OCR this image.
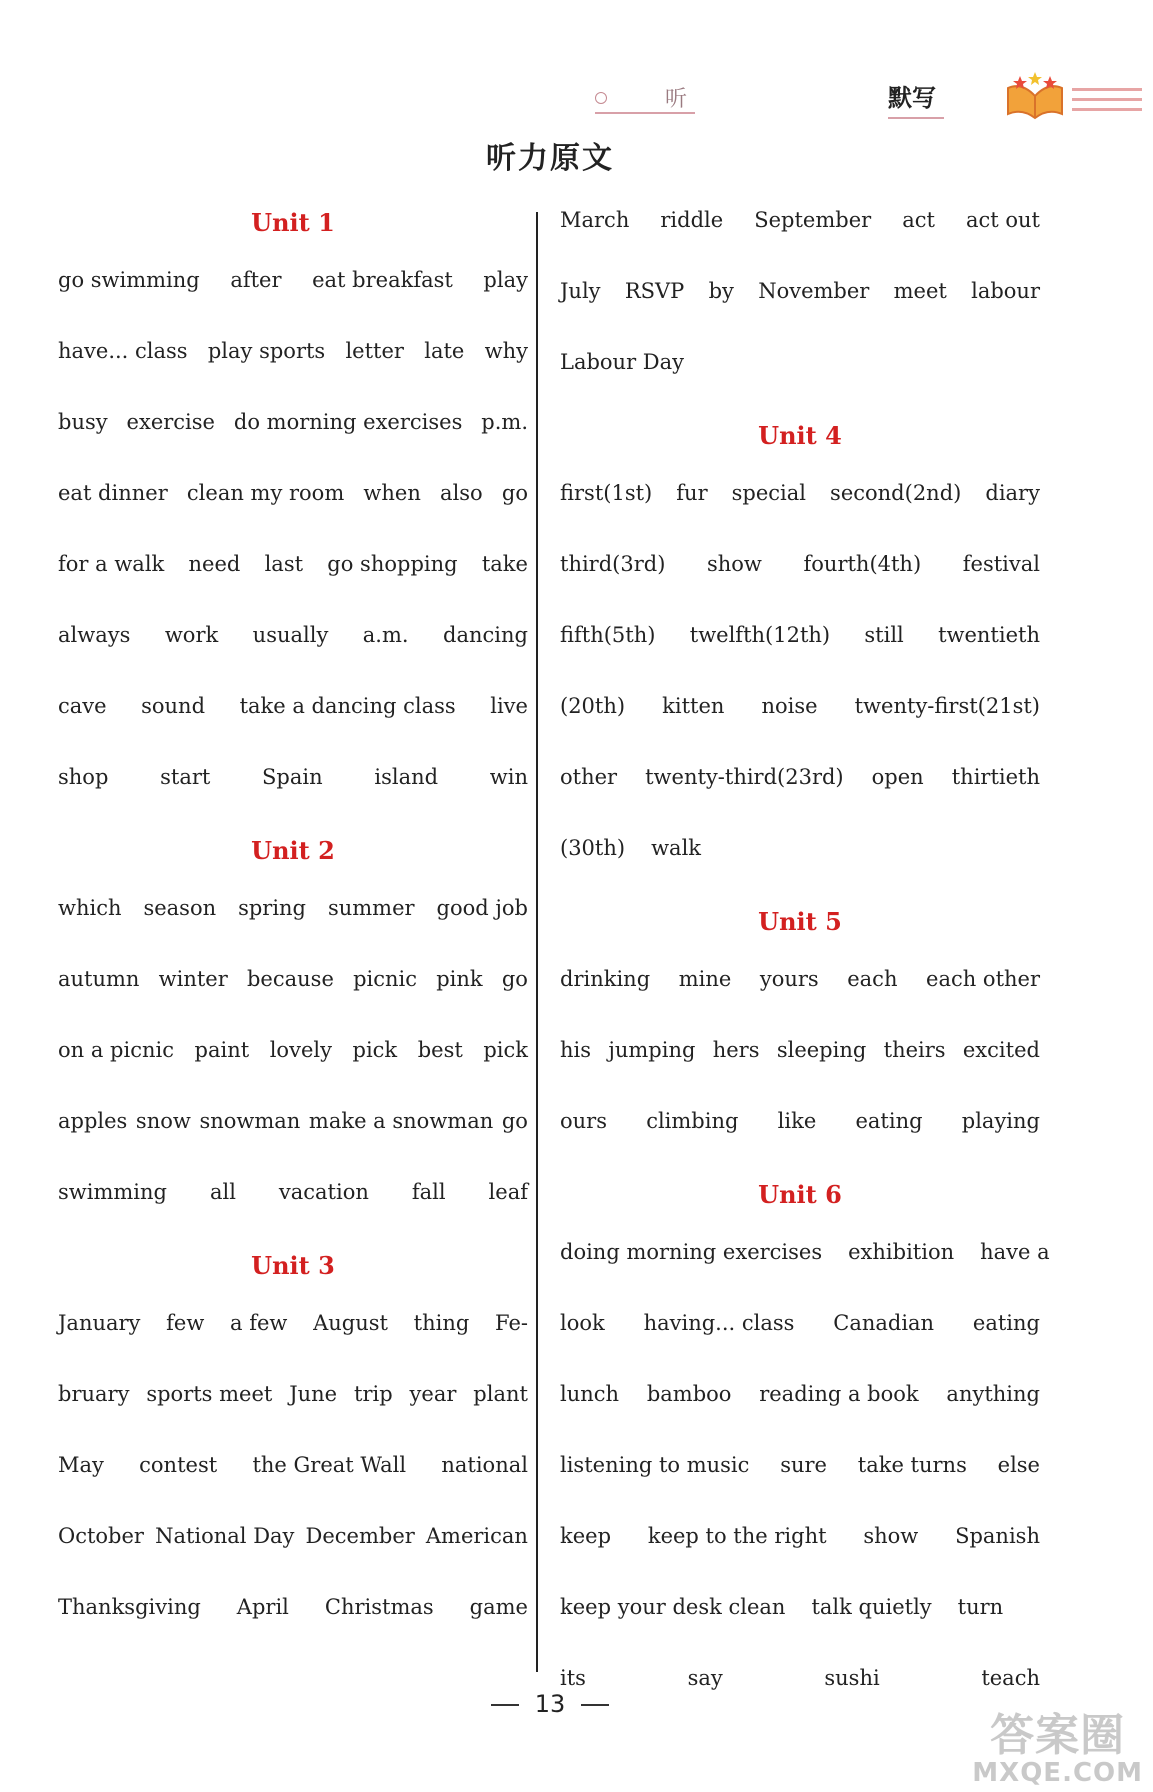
听	默写
听力原文
Unit 1
go swimming after eat breakfast play
have... class play sports letter late why
busy exercise do morning exercises p.m.
eat dinner clean my room when also go
for a walk need last go shopping take
always work usually a.m. dancing
cave sound take a dancing class live
shop start Spain island win
Unit 2
which season spring summer good job
autumn winter because picnic pink go
on a picnic paint lovely pick best pick
apples snow snowman make a snowman go
swimming all vacation fall leaf
Unit 3
January few a few August thing Fe-
bruary sports meet June trip year plant
May contest the Great Wall national
October National Day December American
Thanksgiving April Christmas game
March riddle September act act out
July RSVP by November meet labour
Labour Day
Unit 4
first(1st) fur special second(2nd) diary
third(3rd) show fourth(4th) festival
fifth(5th) twelfth(12th) still twentieth
(20th) kitten noise twenty-first(21st)
other twenty-third(23rd) open thirtieth
(30th) walk
Unit 5
drinking mine yours each each other
his jumping hers sleeping theirs excited
ours climbing like eating playing
Unit 6
doing morning exercises exhibition have a
look having... class Canadian eating
lunch bamboo reading a book anything
listening to music sure take turns else
keep keep to the right show Spanish
keep your desk clean talk quietly turn
its	say	sushi	teach
13
答案圈
MXQE.COM
